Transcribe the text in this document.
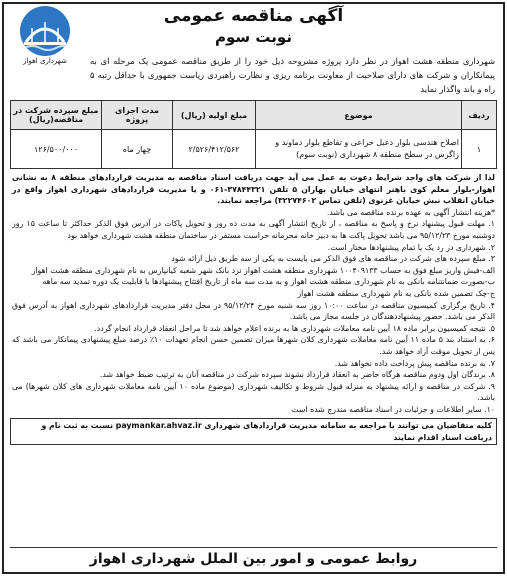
آگهی مناقصه عمومی
نوبت سوم
شهرداری اهواز	شهرداری منطقه هشت اهواز در نظر دارد پروژه مشروحه ذیل خود را از طریق مناقصه عمومی یک مرحله ای به پیمانکاران و شرکت های دارای صلاحیت از معاونت برنامه ریزی و نظارت راهبردی ریاست جمهوری با حداقل رتبه ۵ راه و باند واگذار نماید
ردیف	موضوع	مبلغ اولیه (ریال)	مدت اجرای پروژه	مبلغ سپرده شرکت در مناقصه(ریال)
۱	اصلاح هندسی بلوار دعبل خزاعی و تقاطع بلوار دماوند و زاگرس در سطح منطقه ۸ شهرداری (نوبت سوم)	۲/۵۲۶/۴۱۲/۵۶۲	چهار ماه	۱۲۶/۵۰۰/۰۰۰

لذا از شرکت های واجد شرایط دعوت به عمل می آید جهت دریافت اسناد مناقصه به مدیریت قراردادهای منطقه ۸ به نشانی اهواز-بلوار معلم کوی باهنر انتهای خیابان بهاران ۵ تلفن ۳۷۸۴۴۳۲۱-۰۶۱ و یا مدیریت قراردادهای شهرداری اهواز واقع در خیابان انقلاب نبش خیابان غزنوی (تلفن تماس ۳۲۲۷۴۶۰۲) مراجعه نمایند.

*هزینه انتشار آگهی به عهده برنده مناقصه می باشد.

۱. مهلت قبول پیشنهاد نرخ و پاسخ به مناقصه ، از تاریخ انتشار آگهی به مدت ده روز و تحویل پاکات در آدرس فوق الذکر حداکثر تا ساعت ۱۵ روز دوشنبه مورخ ۹۵/۱۲/۲۳ می باشد تحویل پاکت ها به دبیر خانه محرمانه حراست مستقر در ساختمان منطقه هشت شهرداری خواهد بود

۲. شهرداری در رد یک یا تمام پیشنهادها مختار است.

۳. مبلغ سپرده های شرکت در مناقصه های فوق الذکر می بایست به یکی از سه طریق ذیل ارائه شود

الف-فیش واریز مبلغ فوق به حساب ۱۰۰۴۰۹۱۳۳ شهرداری منطقه هشت اهواز نزد بانک شهر شعبه کیانپارس به نام شهرداری منطقه هشت اهواز

ب-بصورت ضمانتنامه بانکی به نام شهرداری منطقه هشت اهواز و به مدت سه ماه از تاریخ افتتاح پیشنهادها با قابلیت یک دوره تمدید سه ماهه

ج-چک تضمین شده بانکی به نام شهرداری منطقه هشت اهواز

۴. تاریخ برگزاری کمیسیون مناقصه در ساعت ۱۰:۰۰ روز سه شنبه مورخ ۹۵/۱۲/۲۴ در محل دفتر مدیریت قراردادهای شهرداری اهواز به آدرس فوق الذکر می باشد. حضور پیشنهاددهندگان در جلسه مجاز می باشد.

۵. نتیجه کمیسیون برابر ماده ۱۸ آیین نامه معاملات شهرداری ها به برنده اعلام خواهد شد تا مراحل انعقاد قرارداد انجام گردد.

۶. به استناد بند ۵ ماده ۱۱ آیین نامه معاملات شهرداری کلان شهرها میزان تضمین حسن انجام تعهدات ۱۰٪ درصد مبلغ پیشنهادی پیمانکار می باشد که پس از تحویل موقت آزاد خواهد شد.

۷. به برنده مناقصه پیش پرداخت داده نخواهد شد.

۸. برندگان اول ودوم مناقصه هرگاه حاضر به انعقاد قرارداد نشوند سپرده شرکت در مناقصه آنان به ترتیب ضبط خواهد شد.

۹. شرکت در مناقصه و ارائه پیشنهاد به منزله قبول شروط و تکالیف شهرداری (موضوع ماده ۱۰ آیین نامه معاملات شهرداری های کلان شهرها) می باشد.

۱۰. سایر اطلاعات و جزئیات در اسناد مناقصه مندرج شده است

کلیه متقاضیان می توانند با مراجعه به سامانه مدیریت قراردادهای شهرداری paymankar.ahvaz.ir نسبت به ثبت نام و دریافت اسناد اقدام نمایند
روابط عمومی و امور بین الملل شهرداری اهواز
